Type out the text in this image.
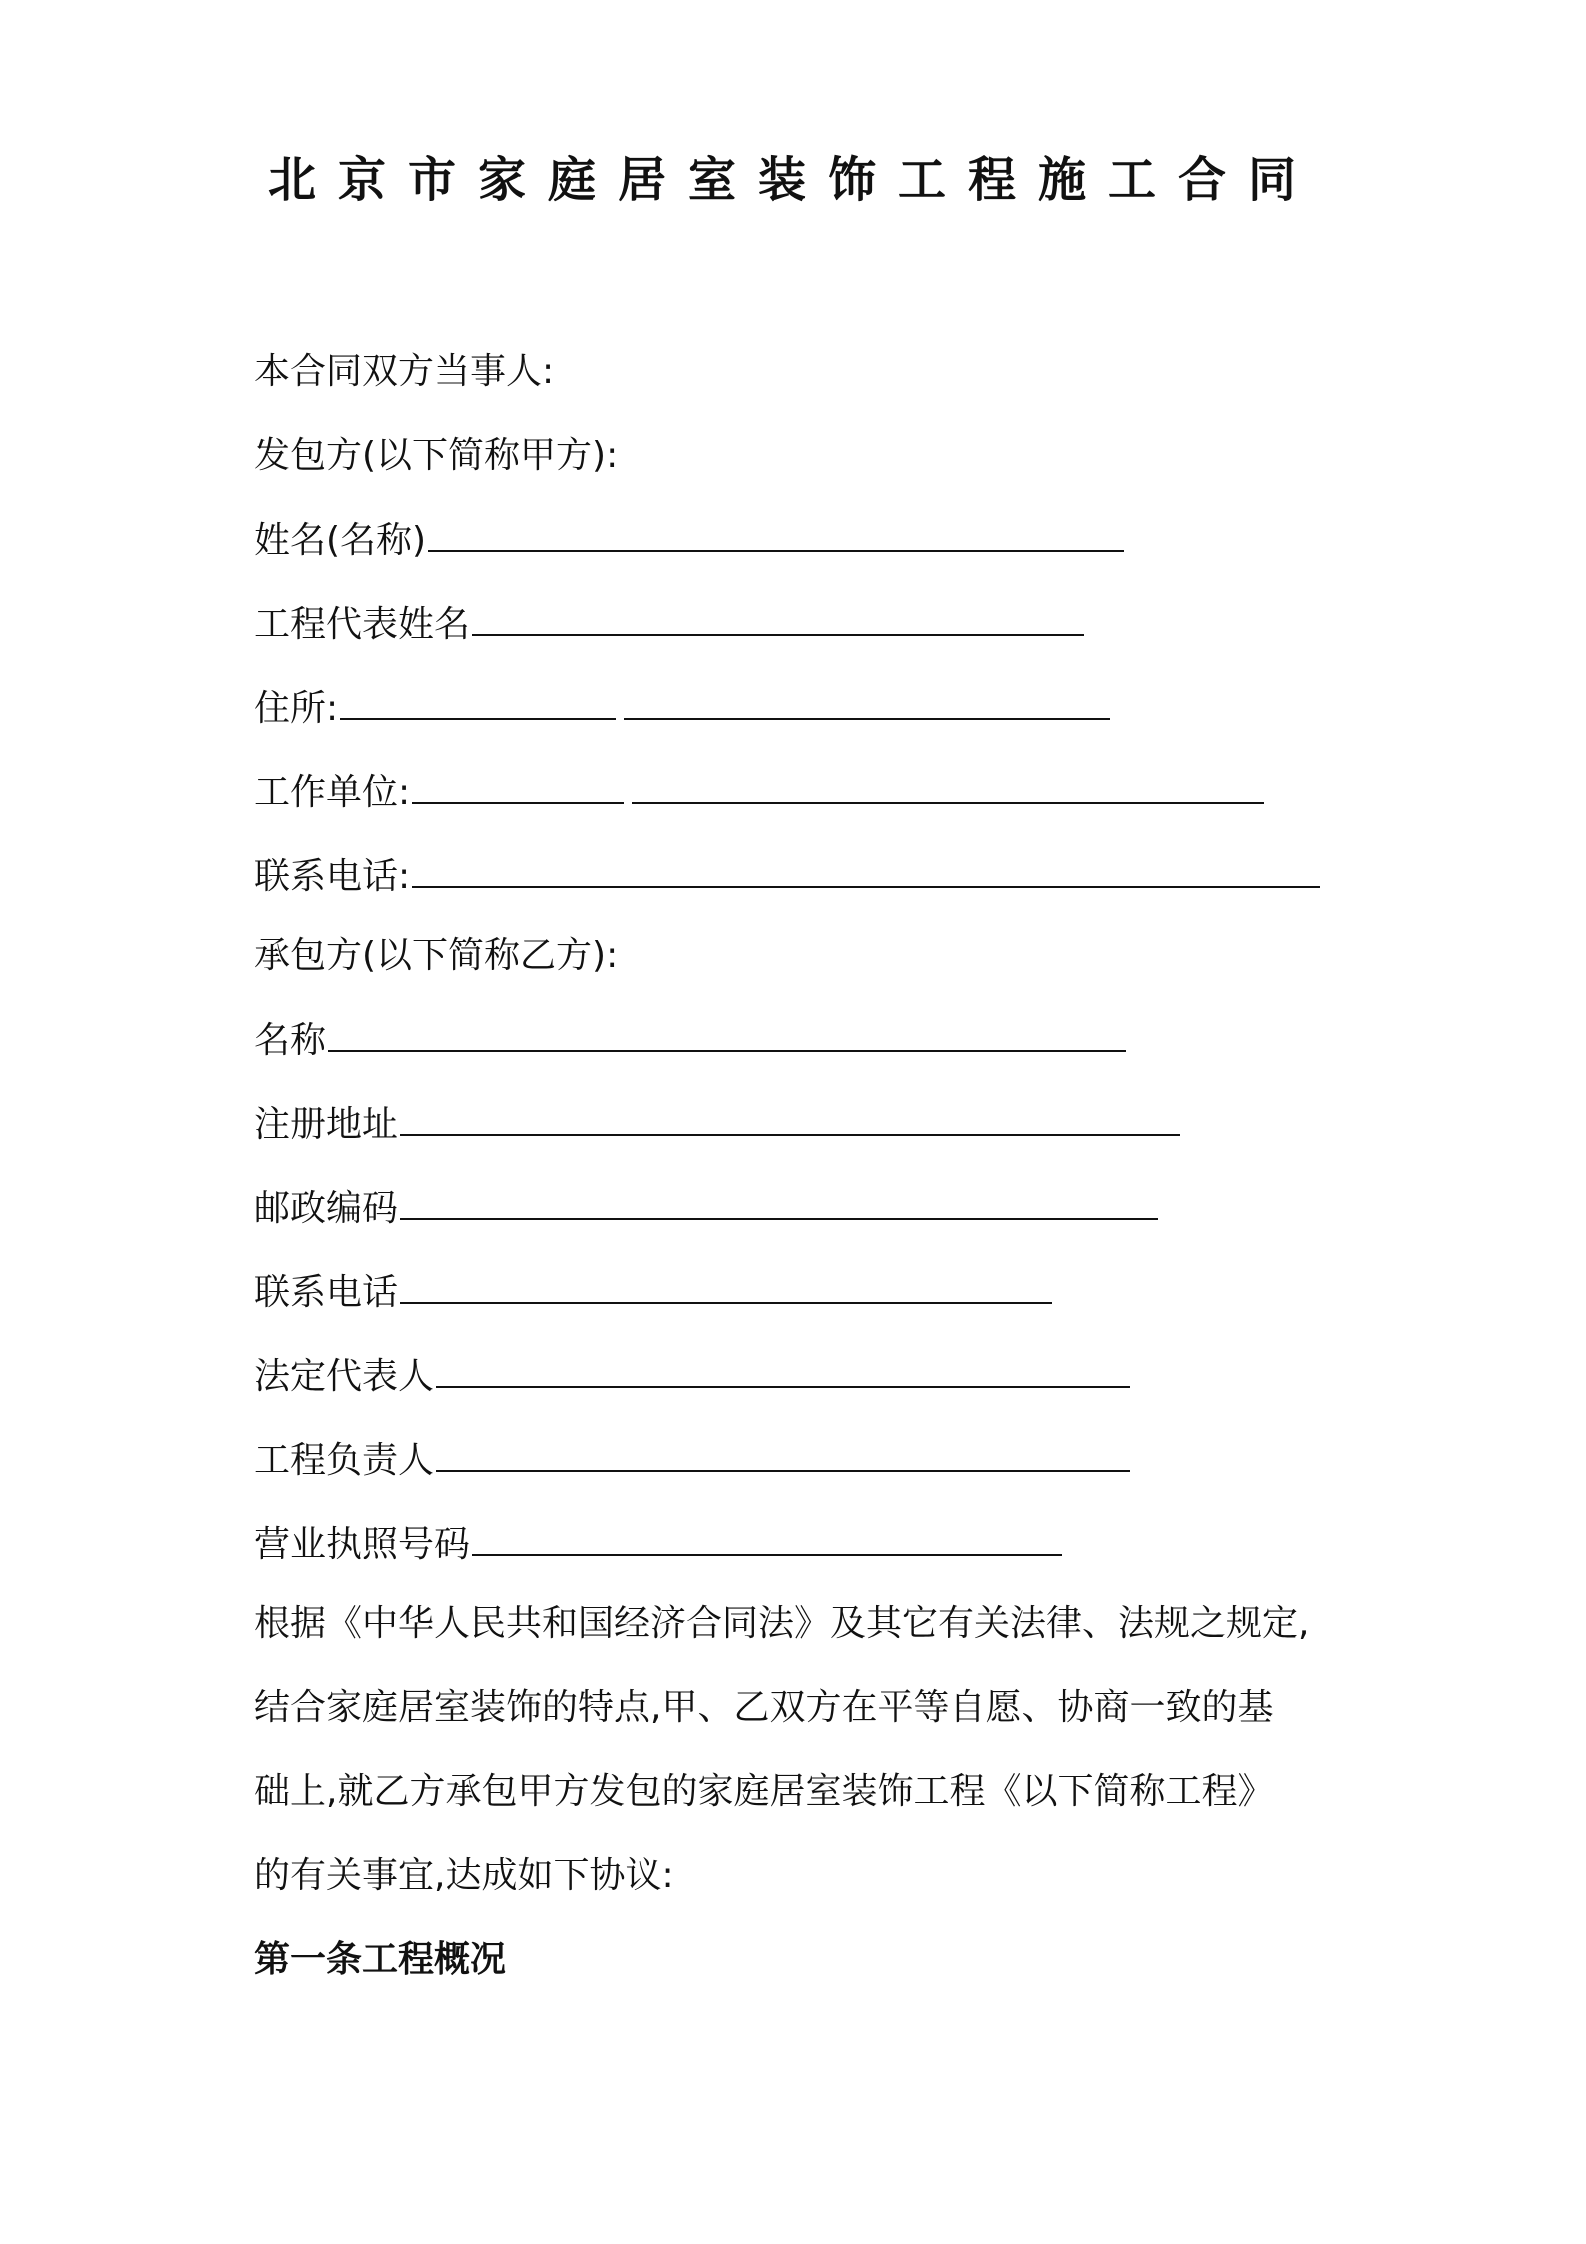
北京市家庭居室装饰工程施工合同
本合同双方当事人:
发包方(以下简称甲方):
姓名(名称)
工程代表姓名
住所:
工作单位:
联系电话:
承包方(以下简称乙方):
名称
注册地址
邮政编码
联系电话
法定代表人
工程负责人
营业执照号码
根据《中华人民共和国经济合同法》及其它有关法律、法规之规定,
结合家庭居室装饰的特点,甲、乙双方在平等自愿、协商一致的基
础上,就乙方承包甲方发包的家庭居室装饰工程《以下简称工程》
的有关事宜,达成如下协议:
第一条工程概况
